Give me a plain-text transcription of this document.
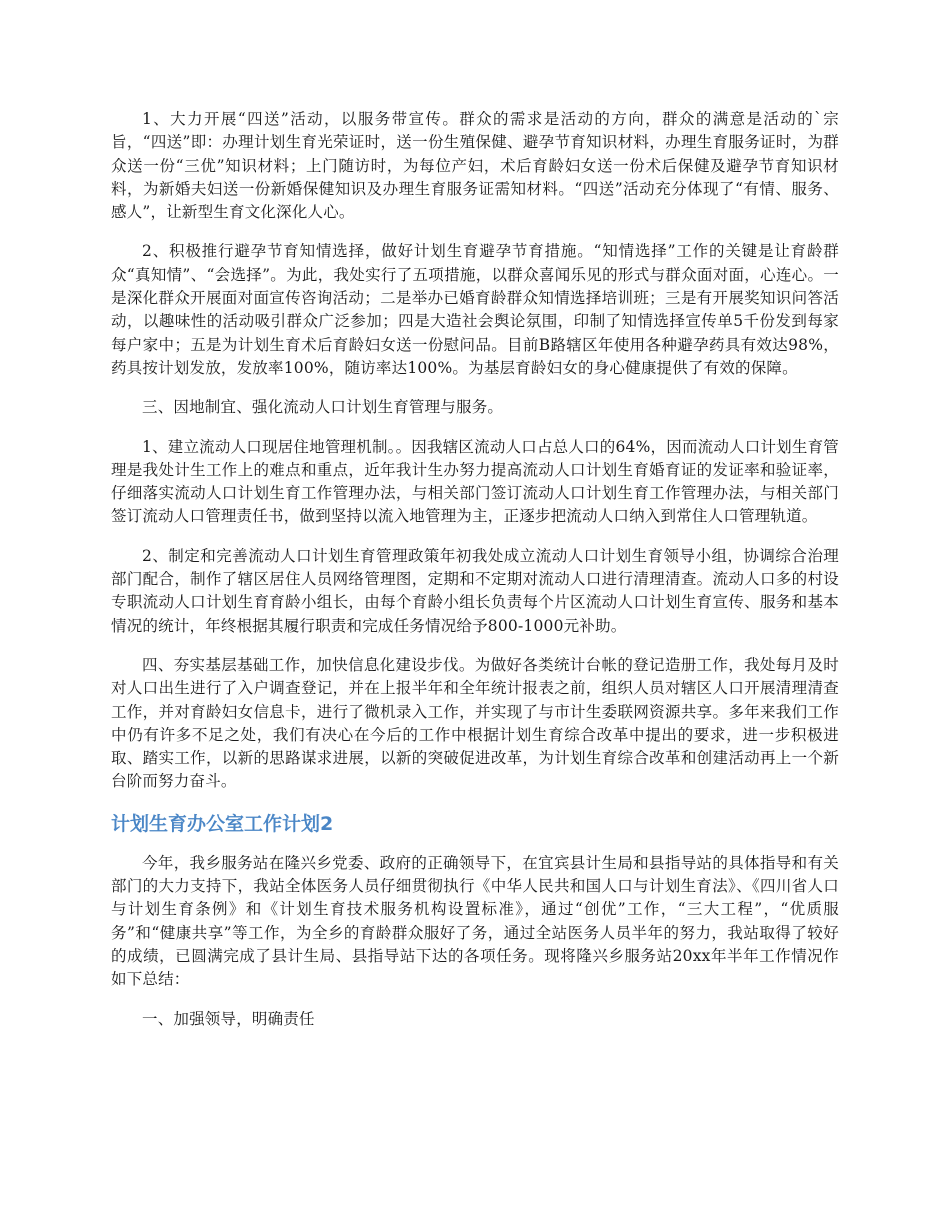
1、大力开展“四送”活动，以服务带宣传。群众的需求是活动的方向，群众的满意是活动的`宗旨，“四送”即：办理计划生育光荣证时，送一份生殖保健、避孕节育知识材料，办理生育服务证时，为群众送一份“三优”知识材料；上门随访时，为每位产妇，术后育龄妇女送一份术后保健及避孕节育知识材料，为新婚夫妇送一份新婚保健知识及办理生育服务证需知材料。“四送”活动充分体现了“有情、服务、感人”，让新型生育文化深化人心。

2、积极推行避孕节育知情选择，做好计划生育避孕节育措施。“知情选择”工作的关键是让育龄群众“真知情”、“会选择”。为此，我处实行了五项措施，以群众喜闻乐见的形式与群众面对面，心连心。一是深化群众开展面对面宣传咨询活动；二是举办已婚育龄群众知情选择培训班；三是有开展奖知识问答活动，以趣味性的活动吸引群众广泛参加；四是大造社会舆论氛围，印制了知情选择宣传单5千份发到每家每户家中；五是为计划生育术后育龄妇女送一份慰问品。目前B路辖区年使用各种避孕药具有效达98%，药具按计划发放，发放率100%，随访率达100%。为基层育龄妇女的身心健康提供了有效的保障。

三、因地制宜、强化流动人口计划生育管理与服务。

1、建立流动人口现居住地管理机制。。因我辖区流动人口占总人口的64%，因而流动人口计划生育管理是我处计生工作上的难点和重点，近年我计生办努力提高流动人口计划生育婚育证的发证率和验证率，仔细落实流动人口计划生育工作管理办法，与相关部门签订流动人口计划生育工作管理办法，与相关部门签订流动人口管理责任书，做到坚持以流入地管理为主，正逐步把流动人口纳入到常住人口管理轨道。

2、制定和完善流动人口计划生育管理政策年初我处成立流动人口计划生育领导小组，协调综合治理部门配合，制作了辖区居住人员网络管理图，定期和不定期对流动人口进行清理清查。流动人口多的村设专职流动人口计划生育育龄小组长，由每个育龄小组长负责每个片区流动人口计划生育宣传、服务和基本情况的统计，年终根据其履行职责和完成任务情况给予800-1000元补助。

四、夯实基层基础工作，加快信息化建设步伐。为做好各类统计台帐的登记造册工作，我处每月及时对人口出生进行了入户调查登记，并在上报半年和全年统计报表之前，组织人员对辖区人口开展清理清查工作，并对育龄妇女信息卡，进行了微机录入工作，并实现了与市计生委联网资源共享。多年来我们工作中仍有许多不足之处，我们有决心在今后的工作中根据计划生育综合改革中提出的要求，进一步积极进取、踏实工作，以新的思路谋求进展，以新的突破促进改革，为计划生育综合改革和创建活动再上一个新台阶而努力奋斗。

计划生育办公室工作计划2

今年，我乡服务站在隆兴乡党委、政府的正确领导下，在宜宾县计生局和县指导站的具体指导和有关部门的大力支持下，我站全体医务人员仔细贯彻执行《中华人民共和国人口与计划生育法》、《四川省人口与计划生育条例》和《计划生育技术服务机构设置标准》，通过“创优”工作，“三大工程”，“优质服务”和“健康共享”等工作，为全乡的育龄群众服好了务，通过全站医务人员半年的努力，我站取得了较好的成绩，已圆满完成了县计生局、县指导站下达的各项任务。现将隆兴乡服务站20xx年半年工作情况作如下总结：

一、加强领导，明确责任
